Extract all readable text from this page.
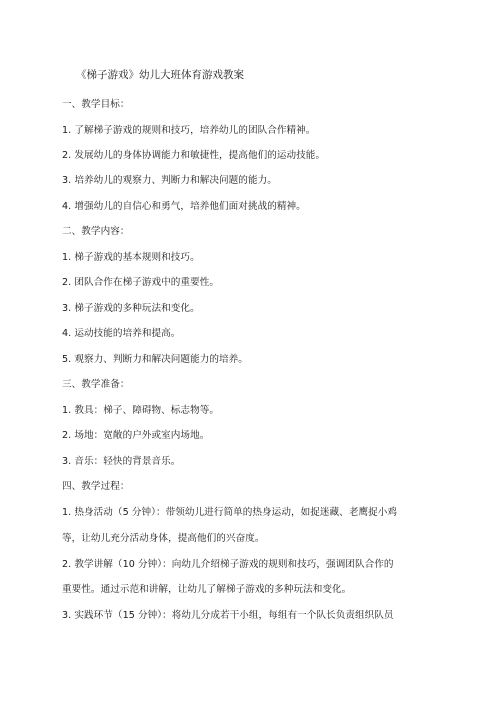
《梯子游戏》幼儿大班体育游戏教案
一、教学目标：
1. 了解梯子游戏的规则和技巧，培养幼儿的团队合作精神。
2. 发展幼儿的身体协调能力和敏捷性，提高他们的运动技能。
3. 培养幼儿的观察力、判断力和解决问题的能力。
4. 增强幼儿的自信心和勇气，培养他们面对挑战的精神。
二、教学内容：
1. 梯子游戏的基本规则和技巧。
2. 团队合作在梯子游戏中的重要性。
3. 梯子游戏的多种玩法和变化。
4. 运动技能的培养和提高。
5. 观察力、判断力和解决问题能力的培养。
三、教学准备：
1. 教具：梯子、障碍物、标志物等。
2. 场地：宽敞的户外或室内场地。
3. 音乐：轻快的背景音乐。
四、教学过程：
1. 热身活动（5 分钟）：带领幼儿进行简单的热身运动，如捉迷藏、老鹰捉小鸡
等，让幼儿充分活动身体，提高他们的兴奋度。
2. 教学讲解（10 分钟）：向幼儿介绍梯子游戏的规则和技巧，强调团队合作的
重要性。通过示范和讲解，让幼儿了解梯子游戏的多种玩法和变化。
3. 实践环节（15 分钟）：将幼儿分成若干小组，每组有一个队长负责组织队员
